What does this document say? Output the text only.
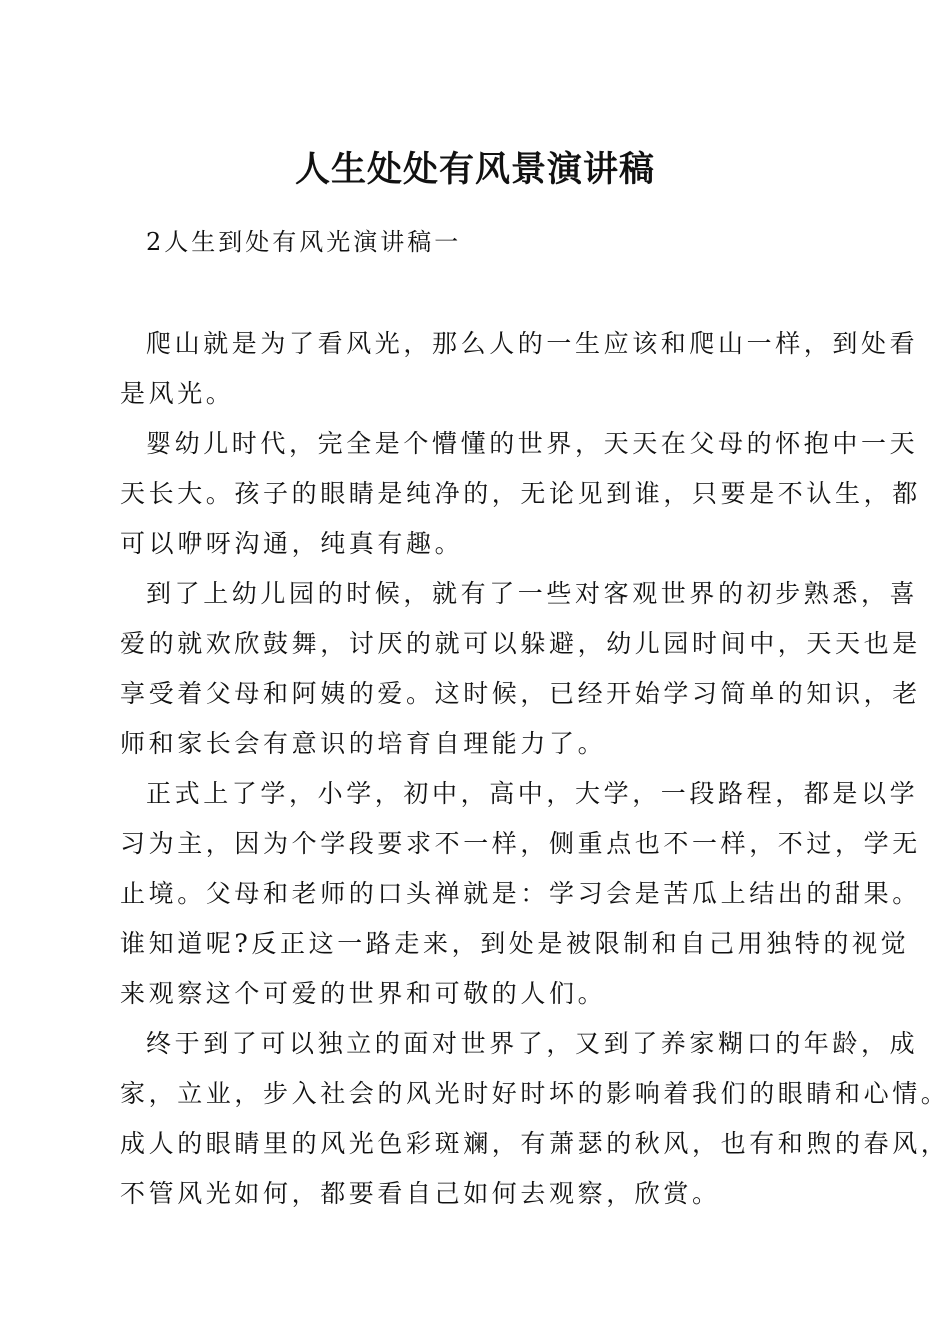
人生处处有风景演讲稿

2人生到处有风光演讲稿一

爬山就是为了看风光，那么人的一生应该和爬山一样，到处看
是风光。
婴幼儿时代，完全是个懵懂的世界，天天在父母的怀抱中一天
天长大。孩子的眼睛是纯净的，无论见到谁，只要是不认生，都
可以咿呀沟通，纯真有趣。
到了上幼儿园的时候，就有了一些对客观世界的初步熟悉，喜
爱的就欢欣鼓舞，讨厌的就可以躲避，幼儿园时间中，天天也是
享受着父母和阿姨的爱。这时候，已经开始学习简单的知识，老
师和家长会有意识的培育自理能力了。
正式上了学，小学，初中，高中，大学，一段路程，都是以学
习为主，因为个学段要求不一样，侧重点也不一样，不过，学无
止境。父母和老师的口头禅就是：学习会是苦瓜上结出的甜果。
谁知道呢?反正这一路走来，到处是被限制和自己用独特的视觉
来观察这个可爱的世界和可敬的人们。
终于到了可以独立的面对世界了，又到了养家糊口的年龄，成
家，立业，步入社会的风光时好时坏的影响着我们的眼睛和心情。
成人的眼睛里的风光色彩斑斓，有萧瑟的秋风，也有和煦的春风，
不管风光如何，都要看自己如何去观察，欣赏。
